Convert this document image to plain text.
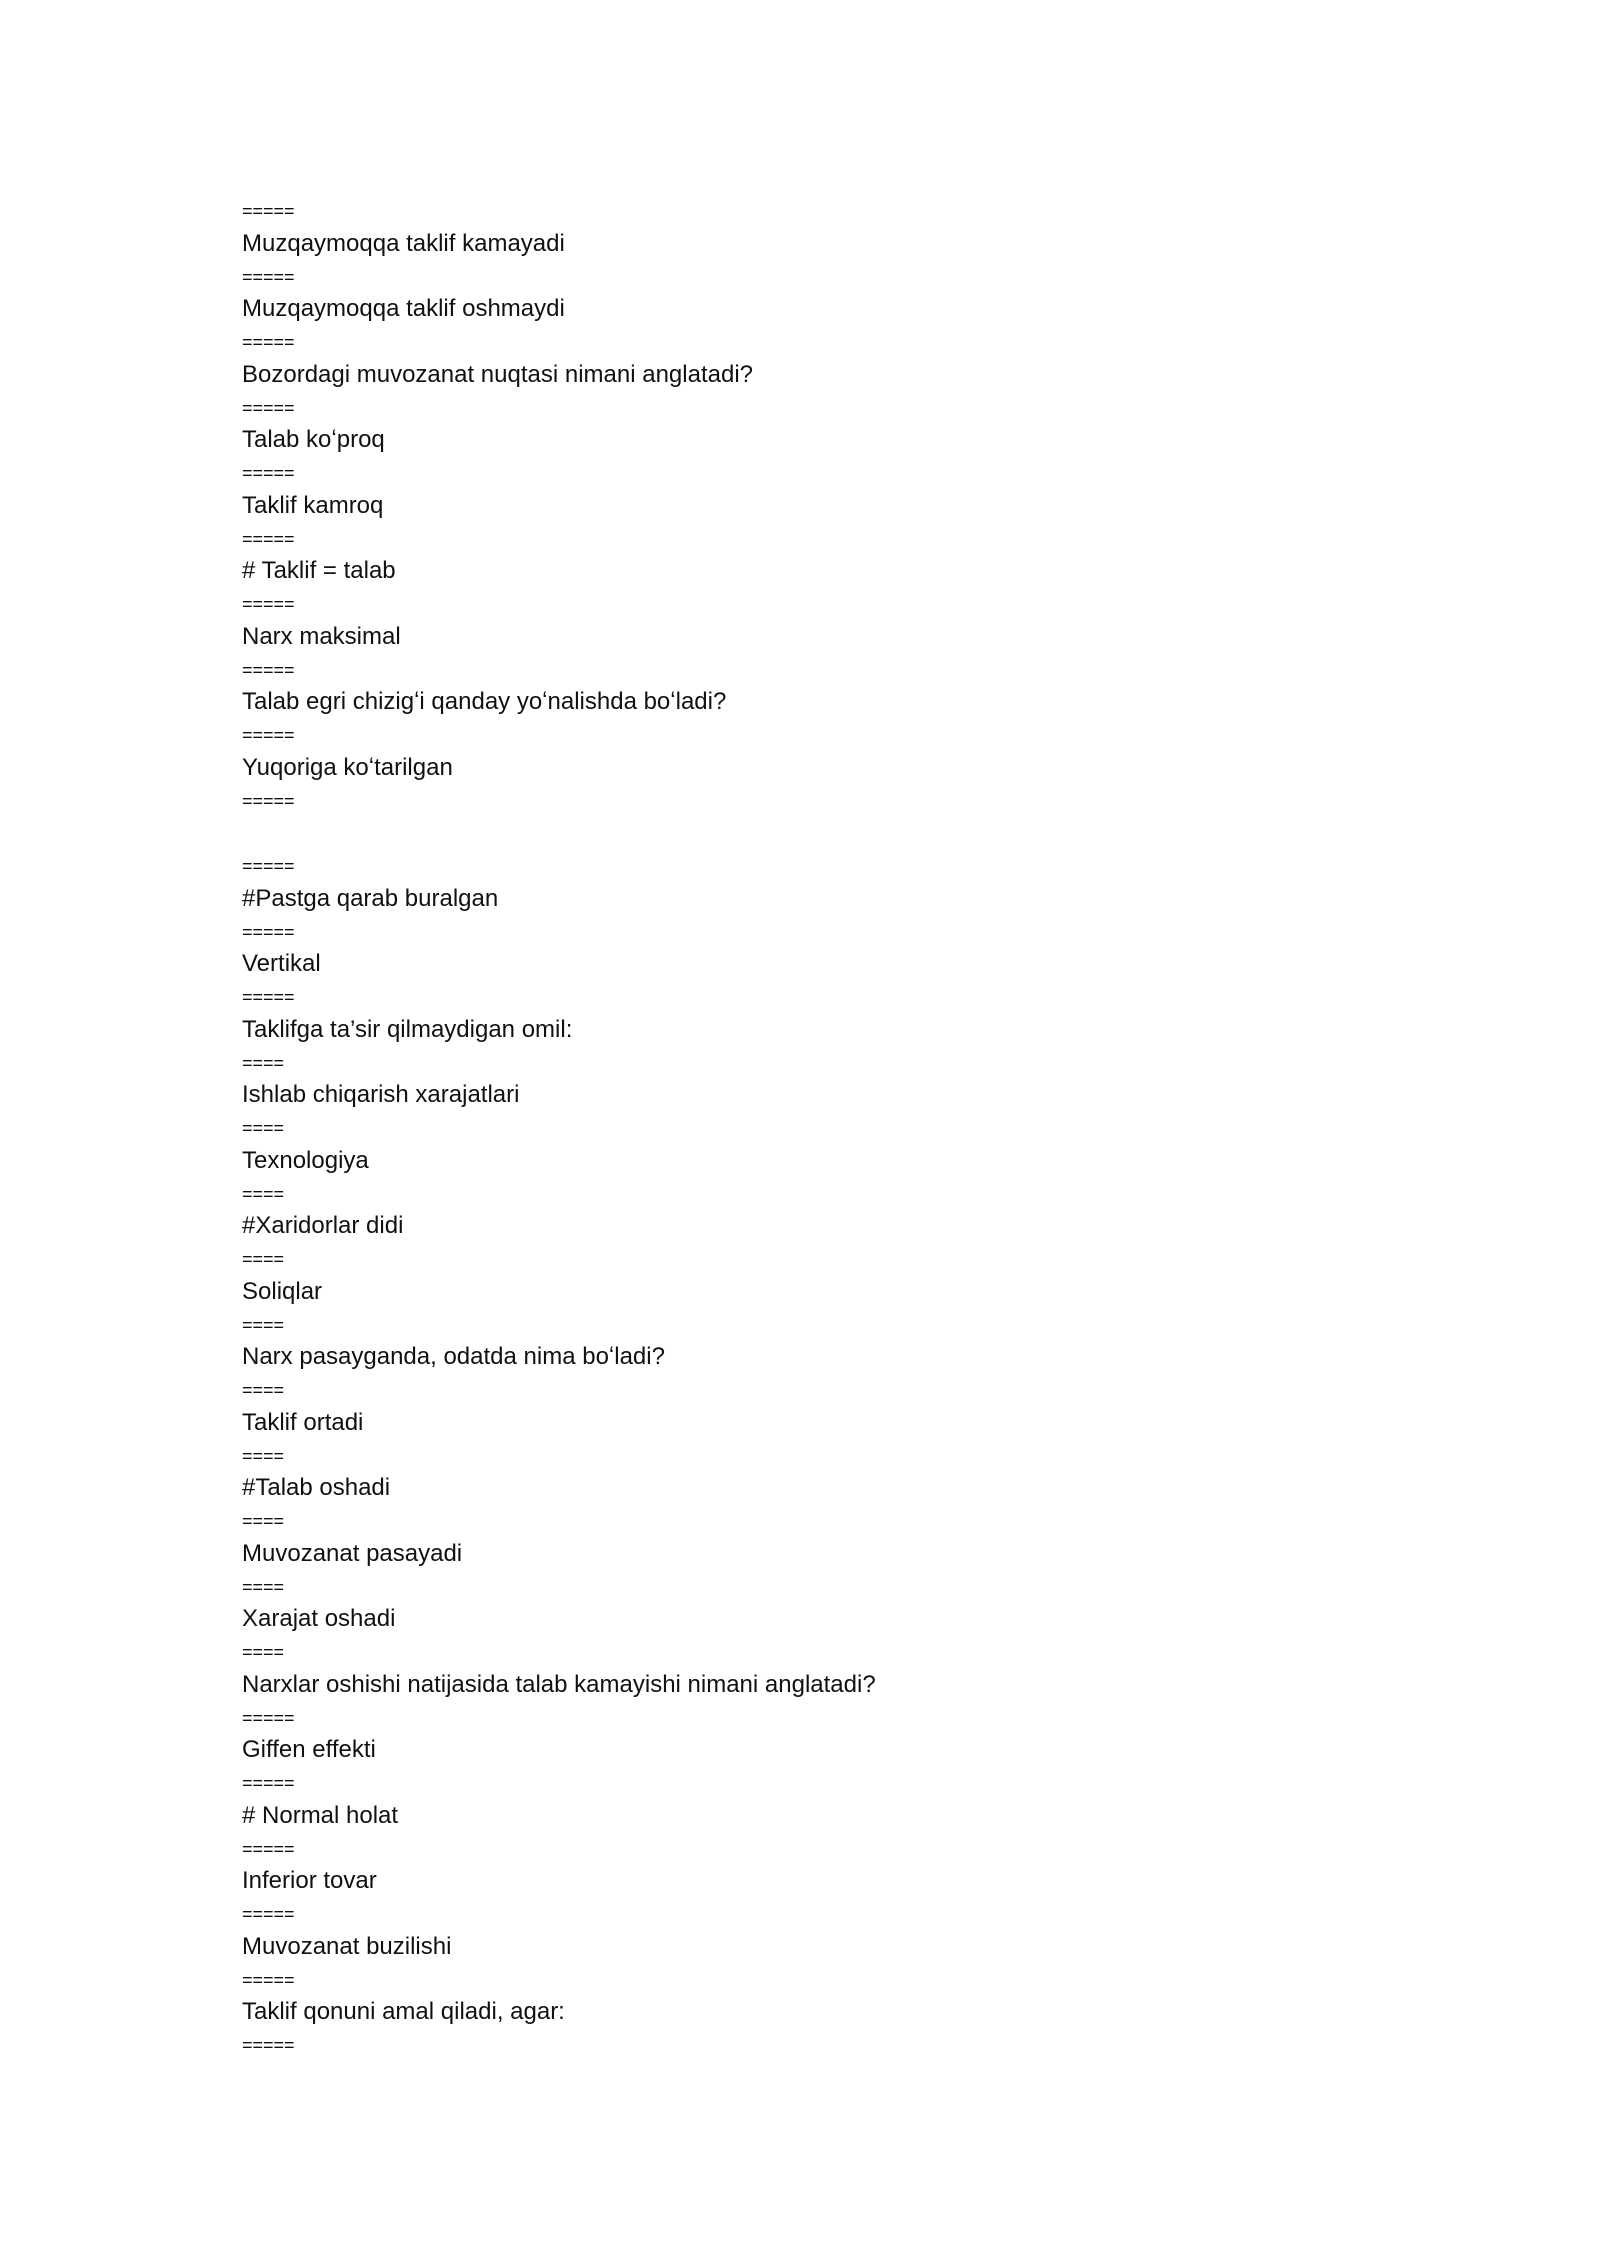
=====
Muzqaymoqqa taklif kamayadi
=====
Muzqaymoqqa taklif oshmaydi
=====
Bozordagi muvozanat nuqtasi nimani anglatadi?
=====
Talab koʻproq
=====
Taklif kamroq
=====
# Taklif = talab
=====
Narx maksimal
=====
Talab egri chizigʻi qanday yoʻnalishda boʻladi?
=====
Yuqoriga koʻtarilgan
=====
=====
#Pastga qarab buralgan
=====
Vertikal
=====
Taklifga ta’sir qilmaydigan omil:
====
Ishlab chiqarish xarajatlari
====
Texnologiya
====
#Xaridorlar didi
====
Soliqlar
====
Narx pasayganda, odatda nima boʻladi?
====
Taklif ortadi
====
#Talab oshadi
====
Muvozanat pasayadi
====
Xarajat oshadi
====
Narxlar oshishi natijasida talab kamayishi nimani anglatadi?
=====
Giffen effekti
=====
# Normal holat
=====
Inferior tovar
=====
Muvozanat buzilishi
=====
Taklif qonuni amal qiladi, agar:
=====
